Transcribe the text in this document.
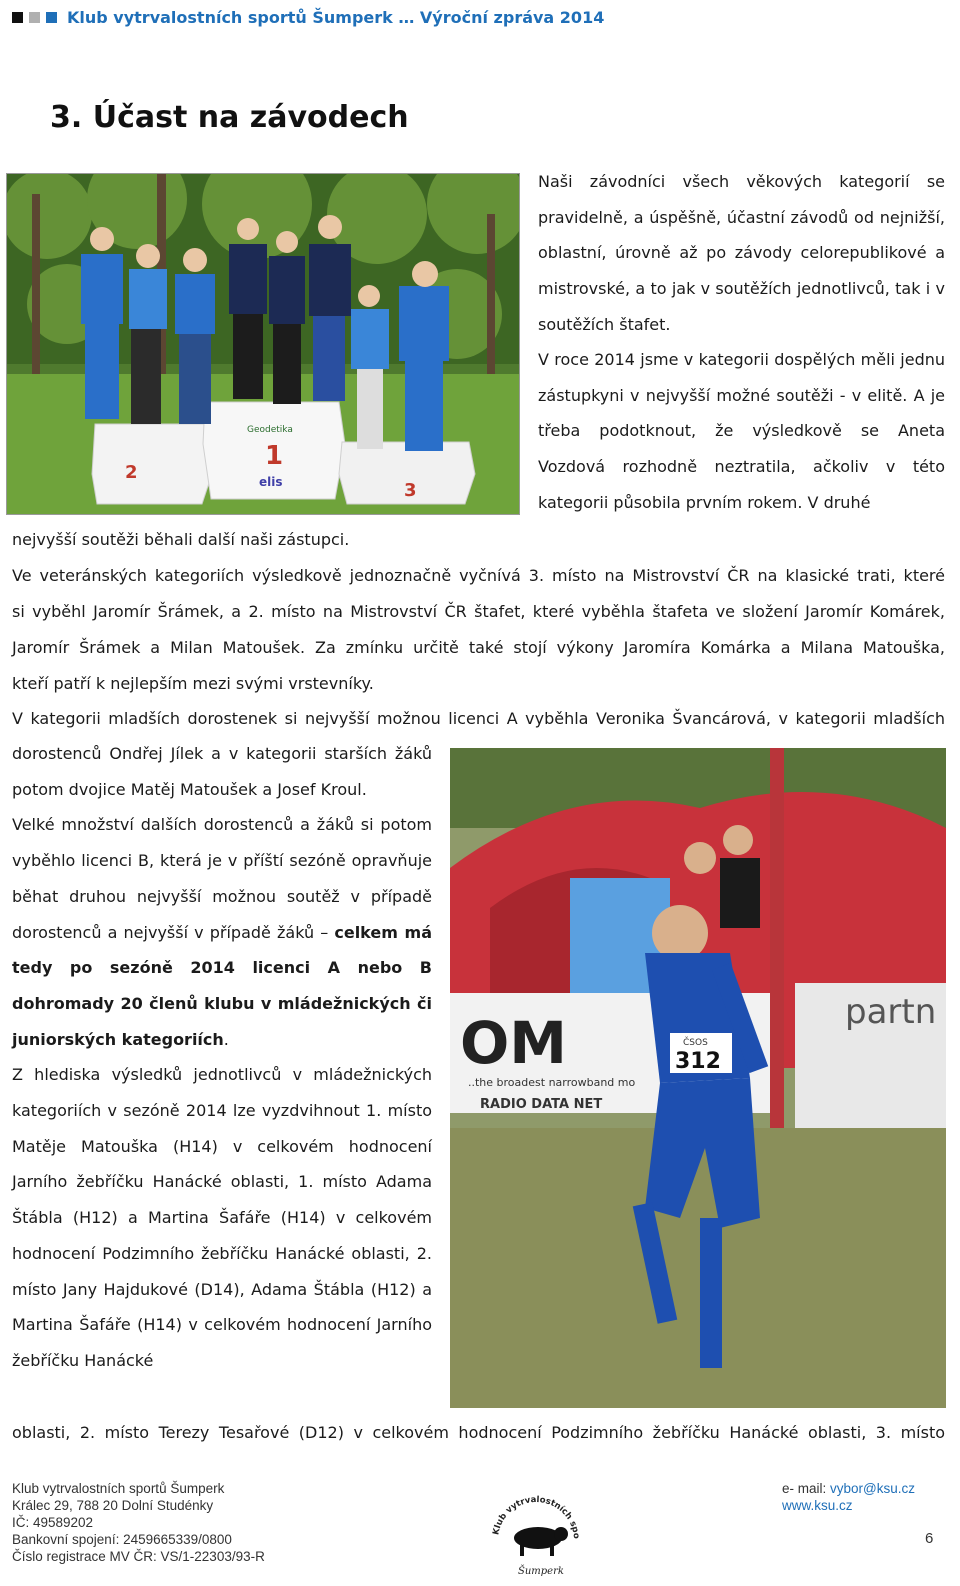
Klub vytrvalostních sportů Šumperk … Výroční zpráva 2014
3. Účast na závodech
2
1
3
Geodetika
elis
Naši závodníci všech věkových kategorií se pravidelně, a úspěšně, účastní závodů od nejnižší, oblastní, úrovně až po závody celorepublikové a mistrovské, a to jak v soutěžích jednotlivců, tak i v soutěžích štafet.
V roce 2014 jsme v kategorii dospělých měli jednu zástupkyni v nejvyšší možné soutěži - v elitě. A je třeba podotknout, že výsledkově se Aneta Vozdová rozhodně neztratila, ačkoliv v této kategorii působila prvním rokem. V druhé
nejvyšší soutěži běhali další naši zástupci.
Ve veteránských kategoriích výsledkově jednoznačně vyčnívá 3. místo na Mistrovství ČR na klasické trati, které
si vyběhl Jaromír Šrámek, a 2. místo na Mistrovství ČR štafet, které vyběhla štafeta ve složení Jaromír Komárek,
Jaromír Šrámek a Milan Matoušek. Za zmínku určitě také stojí výkony Jaromíra Komárka a Milana Matouška,
kteří patří k nejlepším mezi svými vrstevníky.
V kategorii mladších dorostenek si nejvyšší možnou licenci A vyběhla Veronika Švancárová, v kategorii mladších
dorostenců Ondřej Jílek a v kategorii starších žáků potom dvojice Matěj Matoušek a Josef Kroul.
Velké množství dalších dorostenců a žáků si potom vyběhlo licenci B, která je v příští sezóně opravňuje běhat druhou nejvyšší možnou soutěž v případě dorostenců a nejvyšší v případě žáků – celkem má tedy po sezóně 2014 licenci A nebo B dohromady 20 členů klubu v mládežnických či juniorských kategoriích.
Z hlediska výsledků jednotlivců v mládežnických kategoriích v sezóně 2014 lze vyzdvihnout 1. místo Matěje Matouška (H14) v celkovém hodnocení Jarního žebříčku Hanácké oblasti, 1. místo Adama Štábla (H12) a Martina Šafáře (H14) v celkovém hodnocení Podzimního žebříčku Hanácké oblasti, 2. místo Jany Hajdukové (D14), Adama Štábla (H12) a Martina Šafáře (H14) v celkovém hodnocení Jarního žebříčku Hanácké
oblasti, 2. místo Terezy Tesařové (D12) v celkovém hodnocení Podzimního žebříčku Hanácké oblasti, 3. místo
OM
..the broadest narrowband mo
RADIO DATA NET
partn
ČSOS
312
Klub vytrvalostních sportů Šumperk
Králec 29, 788 20 Dolní Studénky
IČ: 49589202
Bankovní spojení: 2459665339/0800
Číslo registrace MV ČR: VS/1-22303/93-R
Klub vytrvalostních spo
Šumperk
e- mail: vybor@ksu.cz
www.ksu.cz
6
